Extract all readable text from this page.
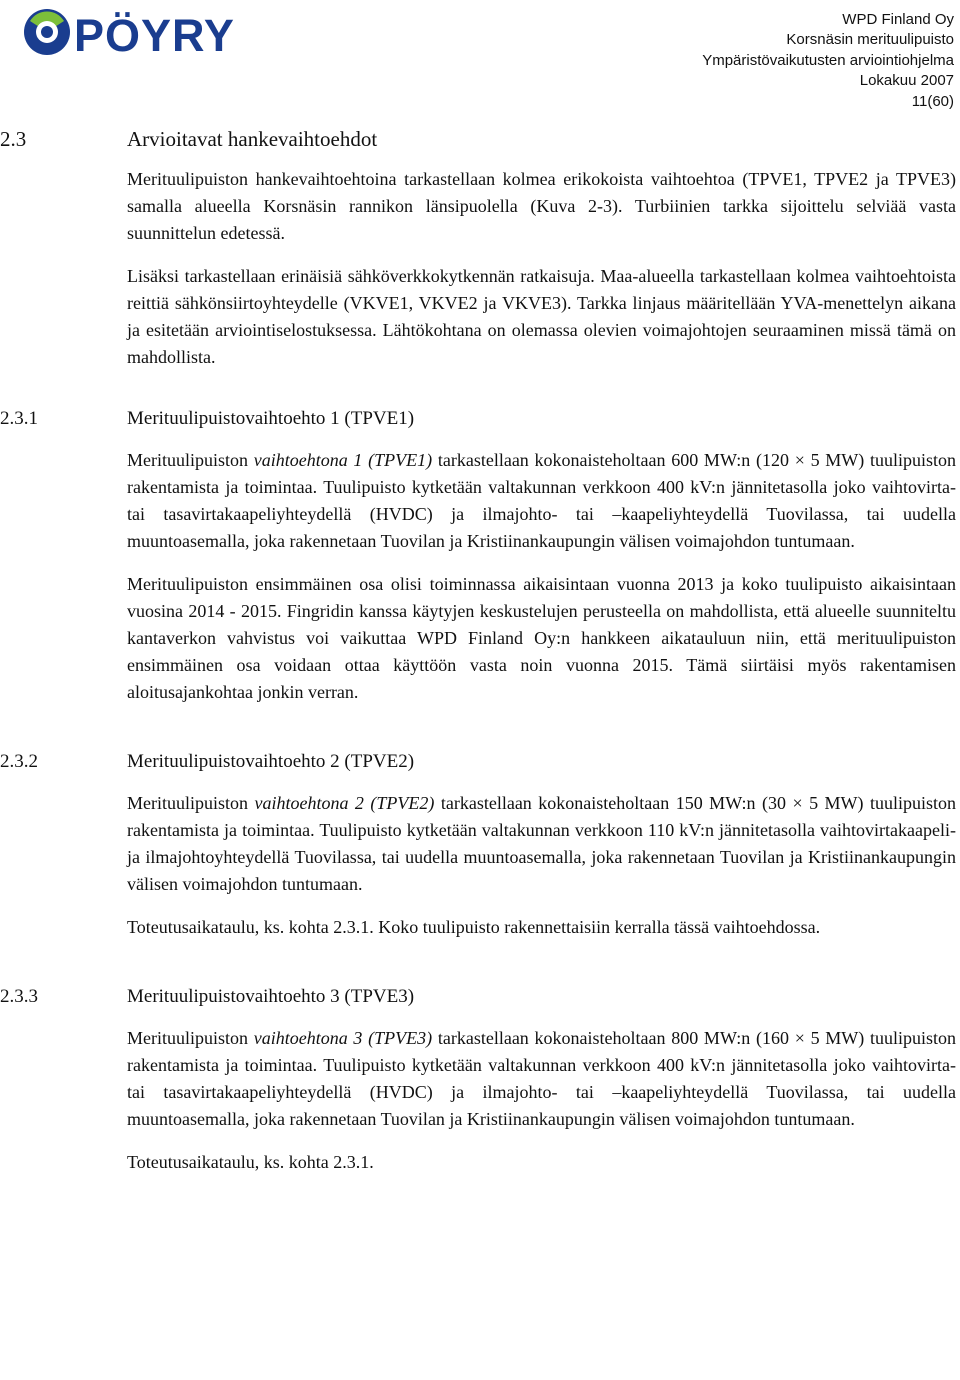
PÖYRY	WPD Finland Oy
Korsnäsin merituulipuisto
Ympäristövaikutusten arviointiohjelma
Lokakuu 2007
11(60)
2.3	Arvioitavat hankevaihtoehdot

Merituulipuiston hankevaihtoehtoina tarkastellaan kolmea erikokoista vaihtoehtoa (TPVE1, TPVE2 ja TPVE3) samalla alueella Korsnäsin rannikon länsipuolella (Kuva 2-3). Turbiinien tarkka sijoittelu selviää vasta suunnittelun edetessä.

Lisäksi tarkastellaan erinäisiä sähköverkkokytkennän ratkaisuja. Maa-alueella tarkastellaan kolmea vaihtoehtoista reittiä sähkönsiirtoyhteydelle (VKVE1, VKVE2 ja VKVE3). Tarkka linjaus määritellään YVA-menettelyn aikana ja esitetään arviointiselostuksessa. Lähtökohtana on olemassa olevien voimajohtojen seuraaminen missä tämä on mahdollista.

2.3.1	Merituulipuistovaihtoehto 1 (TPVE1)

Merituulipuiston vaihtoehtona 1 (TPVE1) tarkastellaan kokonaisteholtaan 600 MW:n (120 × 5 MW) tuulipuiston rakentamista ja toimintaa. Tuulipuisto kytketään valtakunnan verkkoon 400 kV:n jännitetasolla joko vaihtovirta- tai tasavirtakaapeliyhteydellä (HVDC) ja ilmajohto- tai –kaapeliyhteydellä Tuovilassa, tai uudella muuntoasemalla, joka rakennetaan Tuovilan ja Kristiinankaupungin välisen voimajohdon tuntumaan.

Merituulipuiston ensimmäinen osa olisi toiminnassa aikaisintaan vuonna 2013 ja koko tuulipuisto aikaisintaan vuosina 2014 - 2015. Fingridin kanssa käytyjen keskustelujen perusteella on mahdollista, että alueelle suunniteltu kantaverkon vahvistus voi vaikuttaa WPD Finland Oy:n hankkeen aikatauluun niin, että merituulipuiston ensimmäinen osa voidaan ottaa käyttöön vasta noin vuonna 2015. Tämä siirtäisi myös rakentamisen aloitusajankohtaa jonkin verran.

2.3.2	Merituulipuistovaihtoehto 2 (TPVE2)

Merituulipuiston vaihtoehtona 2 (TPVE2) tarkastellaan kokonaisteholtaan 150 MW:n (30 × 5 MW) tuulipuiston rakentamista ja toimintaa. Tuulipuisto kytketään valtakunnan verkkoon 110 kV:n jännitetasolla vaihtovirtakaapeli- ja ilmajohtoyhteydellä Tuovilassa, tai uudella muuntoasemalla, joka rakennetaan Tuovilan ja Kristiinankaupungin välisen voimajohdon tuntumaan.

Toteutusaikataulu, ks. kohta 2.3.1. Koko tuulipuisto rakennettaisiin kerralla tässä vaihtoehdossa.

2.3.3	Merituulipuistovaihtoehto 3 (TPVE3)

Merituulipuiston vaihtoehtona 3 (TPVE3) tarkastellaan kokonaisteholtaan 800 MW:n (160 × 5 MW) tuulipuiston rakentamista ja toimintaa. Tuulipuisto kytketään valtakunnan verkkoon 400 kV:n jännitetasolla joko vaihtovirta- tai tasavirtakaapeliyhteydellä (HVDC) ja ilmajohto- tai –kaapeliyhteydellä Tuovilassa, tai uudella muuntoasemalla, joka rakennetaan Tuovilan ja Kristiinankaupungin välisen voimajohdon tuntumaan.

Toteutusaikataulu, ks. kohta 2.3.1.
